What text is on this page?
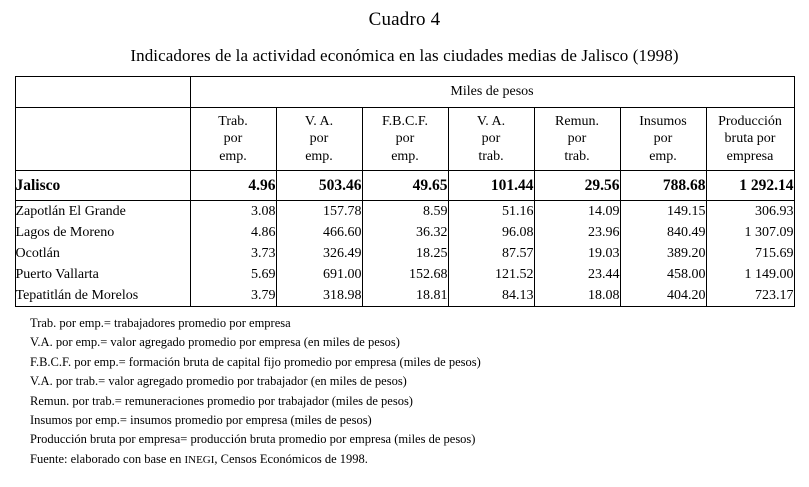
Cuadro 4
Indicadores de la actividad económica en las ciudades medias de Jalisco (1998)
	Miles de pesos						
	Trab.
por
emp.	V. A.
por
emp.	F.B.C.F.
por
emp.	V. A.
por
trab.	Remun.
por
trab.	Insumos
por
emp.	Producción
bruta por
empresa
Jalisco	4.96	503.46	49.65	101.44	29.56	788.68	1 292.14
Zapotlán El Grande	3.08	157.78	8.59	51.16	14.09	149.15	306.93
Lagos de Moreno	4.86	466.60	36.32	96.08	23.96	840.49	1 307.09
Ocotlán	3.73	326.49	18.25	87.57	19.03	389.20	715.69
Puerto Vallarta	5.69	691.00	152.68	121.52	23.44	458.00	1 149.00
Tepatitlán de Morelos	3.79	318.98	18.81	84.13	18.08	404.20	723.17
Trab. por emp.= trabajadores promedio por empresa
V.A. por emp.= valor agregado promedio por empresa (en miles de pesos)
F.B.C.F. por emp.= formación bruta de capital fijo promedio por empresa (miles de pesos)
V.A. por trab.= valor agregado promedio por trabajador (en miles de pesos)
Remun. por trab.= remuneraciones promedio por trabajador (miles de pesos)
Insumos por emp.= insumos promedio por empresa (miles de pesos)
Producción bruta por empresa= producción bruta promedio por empresa (miles de pesos)
Fuente: elaborado con base en INEGI, Censos Económicos de 1998.
